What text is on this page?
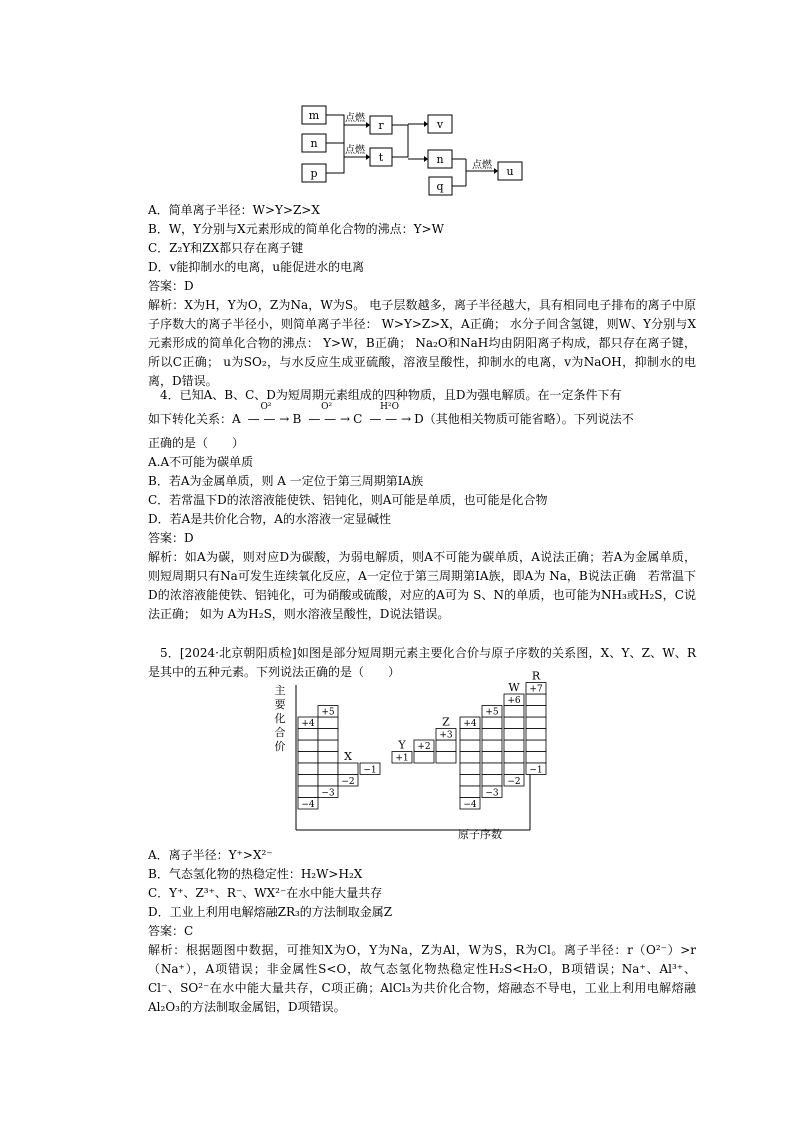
m
n
p
r
t
v
n
u
点燃
点燃
点燃
q
A．简单离子半径：W>Y>Z>X
B．W，Y分别与X元素形成的简单化合物的沸点：Y>W
C．Z₂Y和ZX都只存在离子键
D．v能抑制水的电离，u能促进水的电离
答案：D
解析：X为H，Y为O，Z为Na，W为S。 电子层数越多，离子半径越大，具有相同电子排布的离子中原子序数大的离子半径小，则简单离子半径： W>Y>Z>X，A正确； 水分子间含氢键，则W、Y分别与X元素形成的简单化合物的沸点： Y>W，B正确； Na₂O和NaH均由阴阳离子构成，都只存在离子键，所以C正确； u为SO₂，与水反应生成亚硫酸，溶液呈酸性，抑制水的电离，v为NaOH，抑制水的电离，D错误。
4．已知A、B、C、D为短周期元素组成的四种物质，且D为强电解质。在一定条件下有
如下转化关系：A
O²
— — → B
O²
— — → C
H²O
— — → D（其他相关物质可能省略）。下列说法不
正确的是（　　）
A.A不可能为碳单质
B．若A为金属单质，则 A 一定位于第三周期第ⅠA族
C．若常温下D的浓溶液能使铁、铝钝化，则A可能是单质，也可能是化合物
D．若A是共价化合物，A的水溶液一定显碱性
答案：D
解析：如A为碳，则对应D为碳酸，为弱电解质，则A不可能为碳单质，A说法正确；若A为金属单质，则短周期只有Na可发生连续氧化反应，A一定位于第三周期第ⅠA族，即A为 Na，B说法正确　若常温下D的浓溶液能使铁、铝钝化，可为硝酸或硫酸，对应的A可为 S、N的单质，也可能为NH₃或H₂S，C说法正确； 如为 A为H₂S，则水溶液呈酸性，D说法错误。
5．[2024·北京朝阳质检]如图是部分短周期元素主要化合价与原子序数的关系图，X、Y、Z、W、R是其中的五种元素。下列说法正确的是（　　）
主
要
化
合
价
原子序数
+4
−4
+5
−3
−2
X
−1
+1
Y +2
+3
Z +4
−4
+5
−3
+6
−2
W +7
−1
R
A．离子半径：Y⁺>X²⁻
B．气态氢化物的热稳定性：H₂W>H₂X
C．Y⁺、Z³⁺、R⁻、WX²⁻在水中能大量共存
D．工业上利用电解熔融ZR₃的方法制取金属Z
答案：C
解析：根据题图中数据，可推知X为O，Y为Na，Z为Al，W为S，R为Cl。离子半径：r（O²⁻）>r（Na⁺），A项错误；非金属性S<O，故气态氢化物热稳定性H₂S<H₂O，B项错误；Na⁺、Al³⁺、Cl⁻、SO²⁻在水中能大量共存，C项正确；AlCl₃为共价化合物，熔融态不导电，工业上利用电解熔融Al₂O₃的方法制取金属铝，D项错误。
